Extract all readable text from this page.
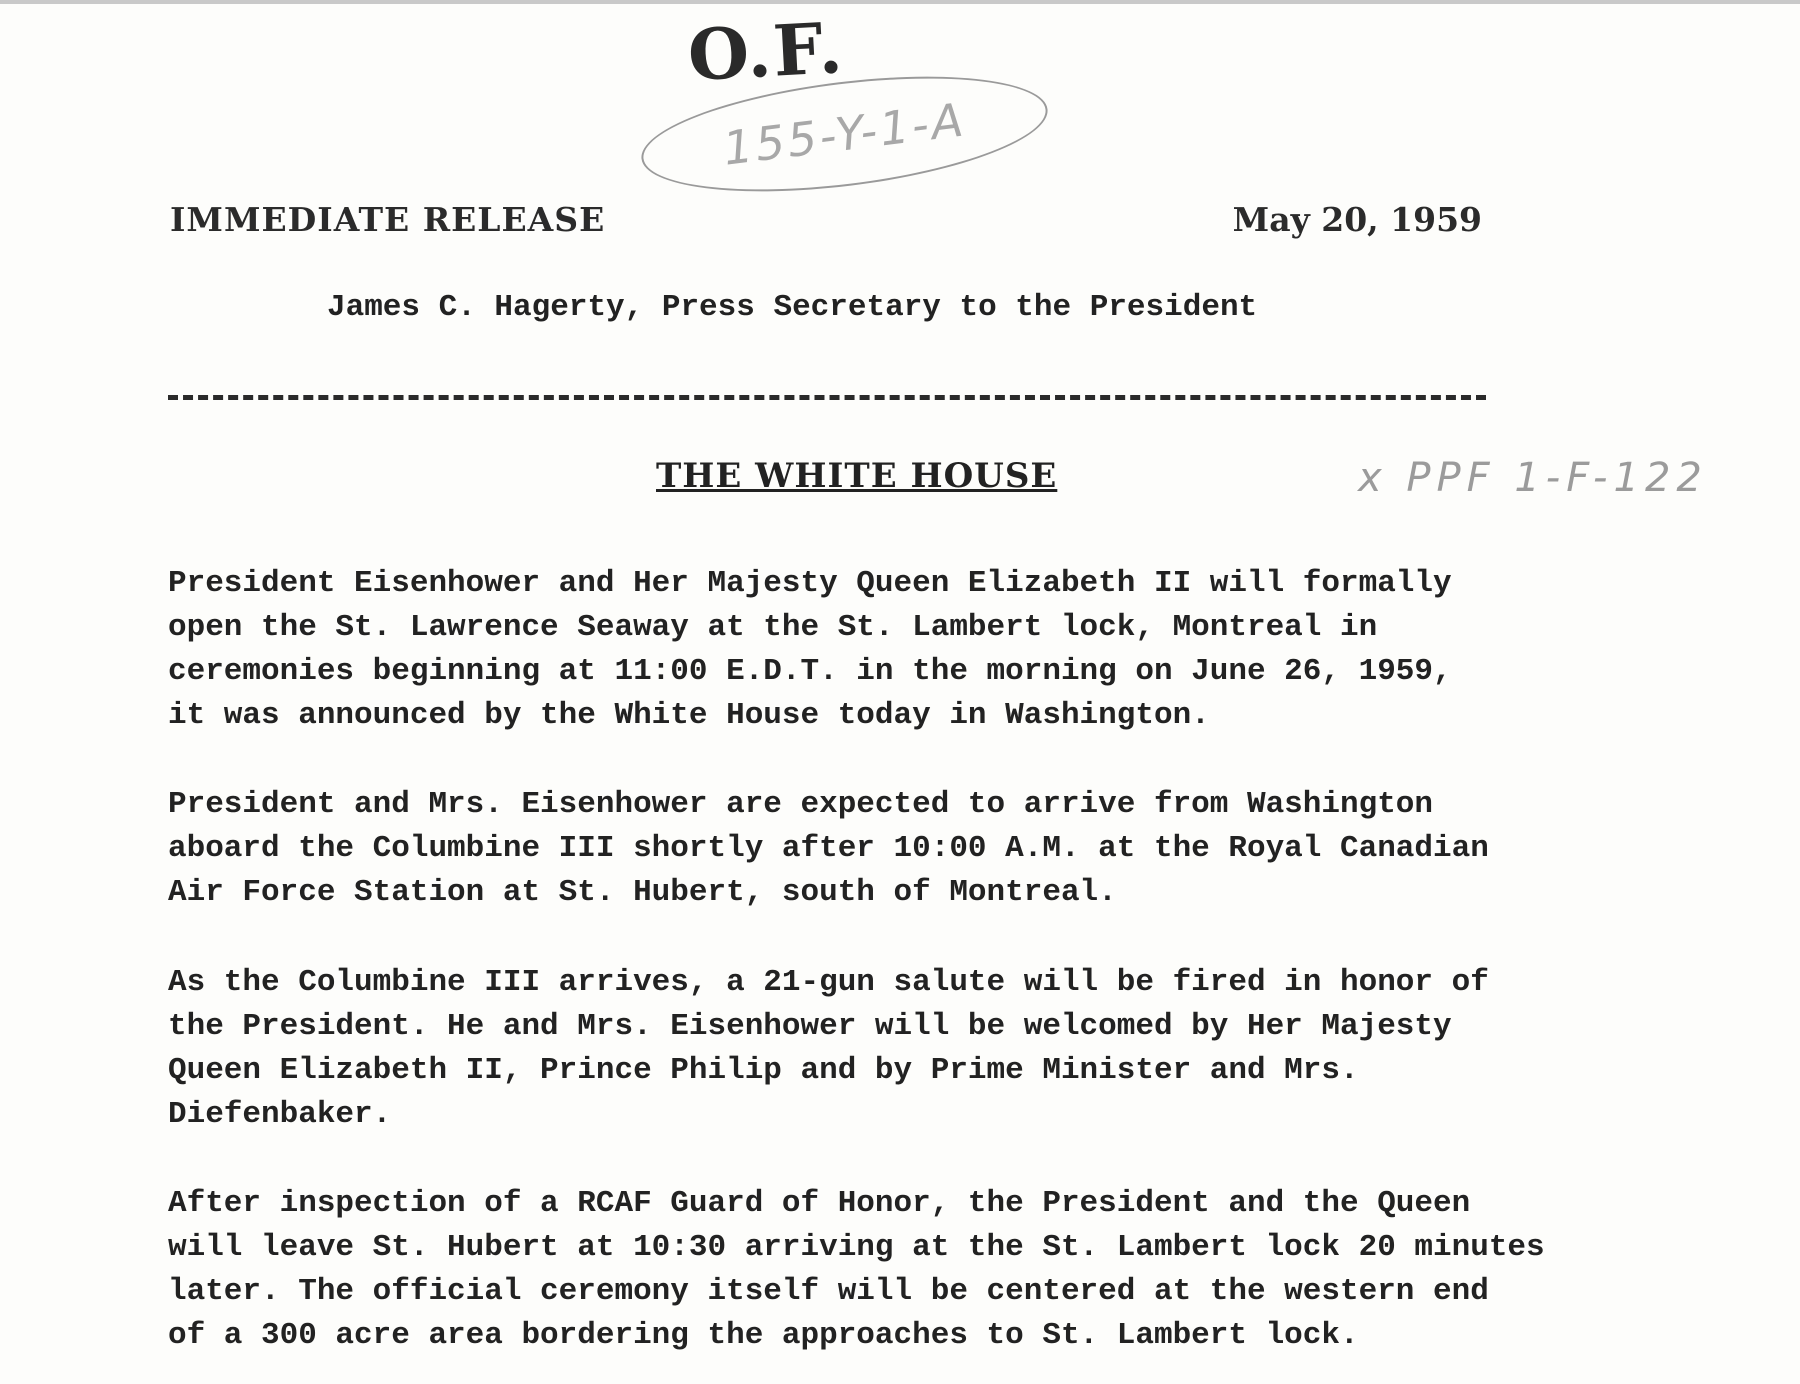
O.F.
155-Y-1-A
IMMEDIATE RELEASE	May 20, 1959
James C. Hagerty, Press Secretary to the President
THE WHITE HOUSE	x PPF 1-F-122

President Eisenhower and Her Majesty Queen Elizabeth II will formally
open the St. Lawrence Seaway at the St. Lambert lock, Montreal in
ceremonies beginning at 11:00 E.D.T. in the morning on June 26, 1959,
it was announced by the White House today in Washington.

President and Mrs. Eisenhower are expected to arrive from Washington
aboard the Columbine III shortly after 10:00 A.M. at the Royal Canadian
Air Force Station at St. Hubert, south of Montreal.

As the Columbine III arrives, a 21-gun salute will be fired in honor of
the President. He and Mrs. Eisenhower will be welcomed by Her Majesty
Queen Elizabeth II, Prince Philip and by Prime Minister and Mrs.
Diefenbaker.

After inspection of a RCAF Guard of Honor, the President and the Queen
will leave St. Hubert at 10:30 arriving at the St. Lambert lock 20 minutes
later. The official ceremony itself will be centered at the western end
of a 300 acre area bordering the approaches to St. Lambert lock.
